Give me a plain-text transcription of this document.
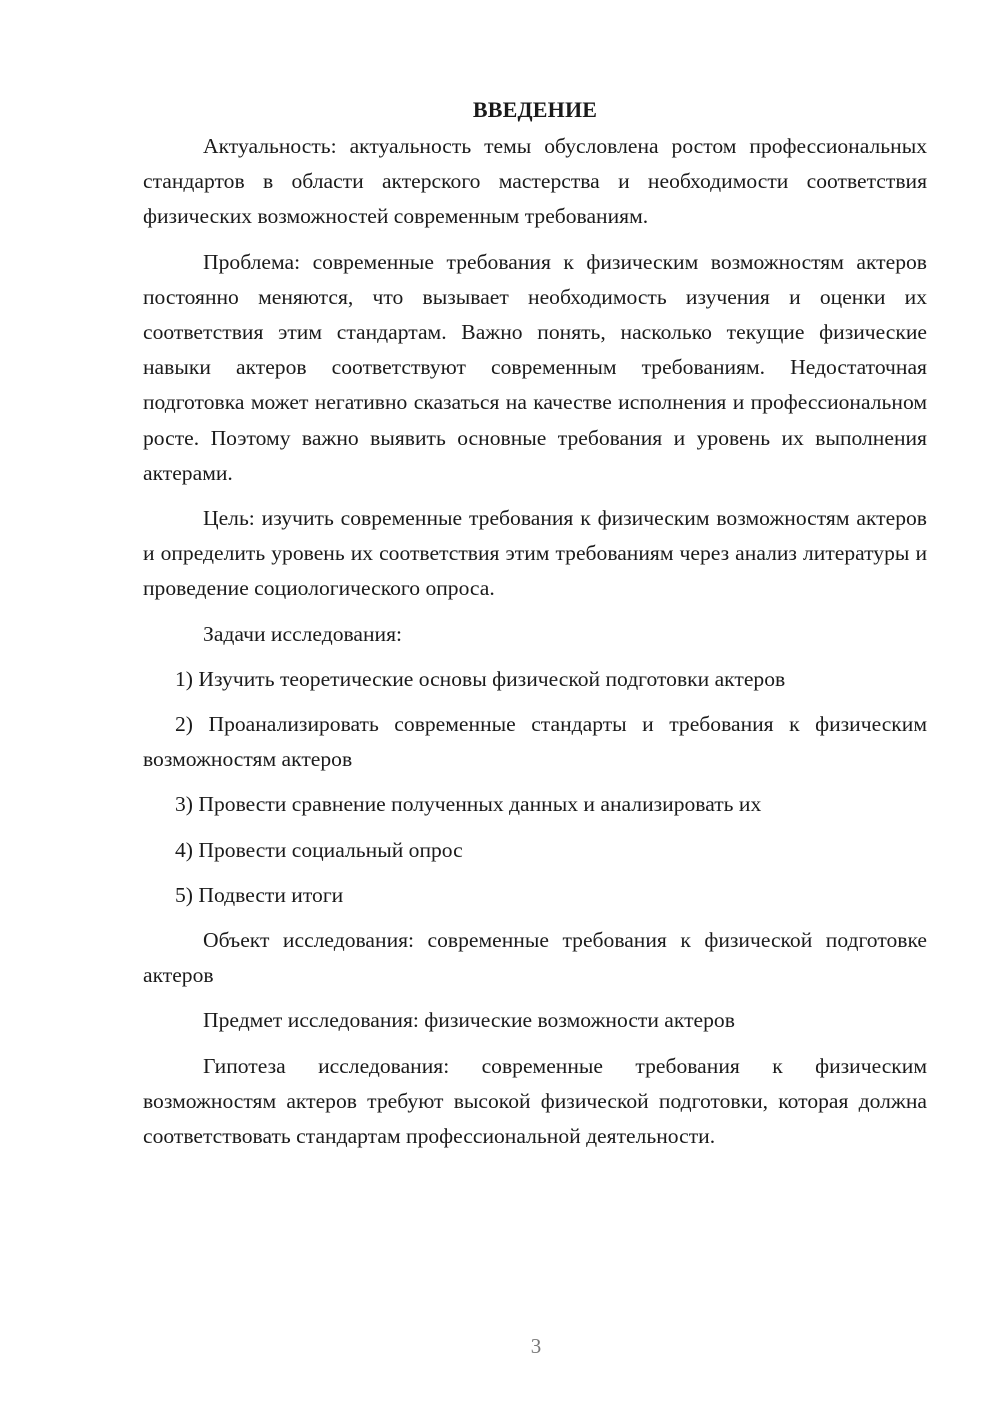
ВВЕДЕНИЕ

Актуальность: актуальность темы обусловлена ростом профессиональных стандартов в области актерского мастерства и необходимости соответствия физических возможностей современным требованиям.

Проблема: современные требования к физическим возможностям актеров постоянно меняются, что вызывает необходимость изучения и оценки их соответствия этим стандартам. Важно понять, насколько текущие физические навыки актеров соответствуют современным требованиям. Недостаточная подготовка может негативно сказаться на качестве исполнения и профессиональном росте. Поэтому важно выявить основные требования и уровень их выполнения актерами.

Цель: изучить современные требования к физическим возможностям актеров и определить уровень их соответствия этим требованиям через анализ литературы и проведение социологического опроса.

Задачи исследования:

1) Изучить теоретические основы физической подготовки актеров

2) Проанализировать современные стандарты и требования к физическим возможностям актеров

3) Провести сравнение полученных данных и анализировать их

4) Провести социальный опрос

5) Подвести итоги

Объект исследования: современные требования к физической подготовке актеров

Предмет исследования: физические возможности актеров

Гипотеза исследования: современные требования к физическим возможностям актеров требуют высокой физической подготовки, которая должна соответствовать стандартам профессиональной деятельности.

3
